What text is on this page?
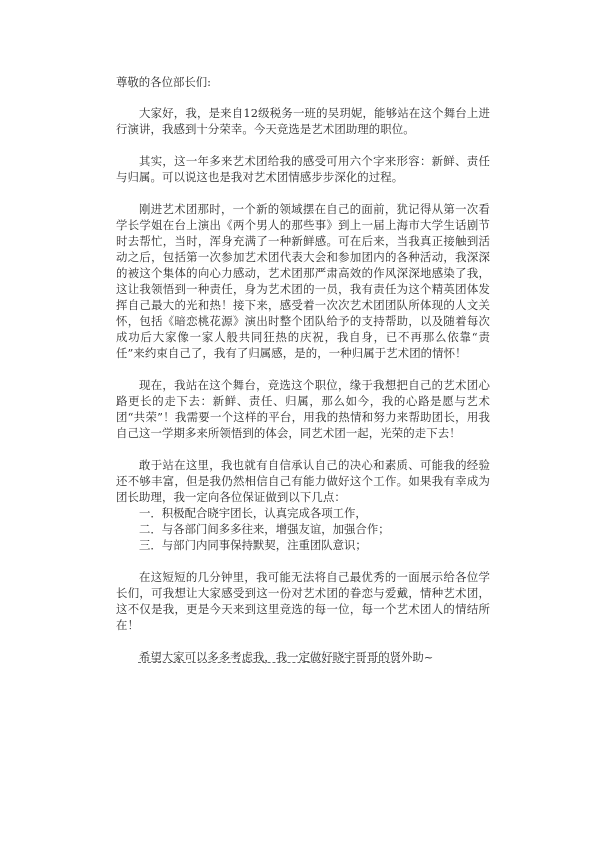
尊敬的各位部长们:

大家好，我，是来自12级税务一班的吴玥妮，能够站在这个舞台上进行演讲，我感到十分荣幸。今天竞选是艺术团助理的职位。

其实，这一年多来艺术团给我的感受可用六个字来形容：新鲜、责任与归属。可以说这也是我对艺术团情感步步深化的过程。

刚进艺术团那时，一个新的领域摆在自己的面前，犹记得从第一次看学长学姐在台上演出《两个男人的那些事》到上一届上海市大学生话剧节时去帮忙，当时，浑身充满了一种新鲜感。可在后来，当我真正接触到活动之后，包括第一次参加艺术团代表大会和参加团内的各种活动，我深深的被这个集体的向心力感动，艺术团那严肃高效的作风深深地感染了我，这让我领悟到一种责任，身为艺术团的一员，我有责任为这个精英团体发挥自己最大的光和热！接下来，感受着一次次艺术团团队所体现的人文关怀，包括《暗恋桃花源》演出时整个团队给予的支持帮助，以及随着每次成功后大家像一家人般共同狂热的庆祝，我自身，已不再那么依靠“责任”来约束自己了，我有了归属感，是的，一种归属于艺术团的情怀！

现在，我站在这个舞台，竞选这个职位，缘于我想把自己的艺术团心路更长的走下去：新鲜、责任、归属，那么如今，我的心路是愿与艺术团“共荣”！我需要一个这样的平台，用我的热情和努力来帮助团长，用我自己这一学期多来所领悟到的体会，同艺术团一起，光荣的走下去！

敢于站在这里，我也就有自信承认自己的决心和素质、可能我的经验还不够丰富，但是我仍然相信自己有能力做好这个工作。如果我有幸成为团长助理，我一定向各位保证做到以下几点：

一．积极配合晓宇团长，认真完成各项工作，
二．与各部门间多多往来，增强友谊，加强合作；
三．与部门内同事保持默契，注重团队意识；

在这短短的几分钟里，我可能无法将自己最优秀的一面展示给各位学长们，可我想让大家感受到这一份对艺术团的眷恋与爱戴，情种艺术团，这不仅是我，更是今天来到这里竞选的每一位，每一个艺术团人的情结所在！

希望大家可以多多考虑我，我一定做好晓宇哥哥的贤外助~
